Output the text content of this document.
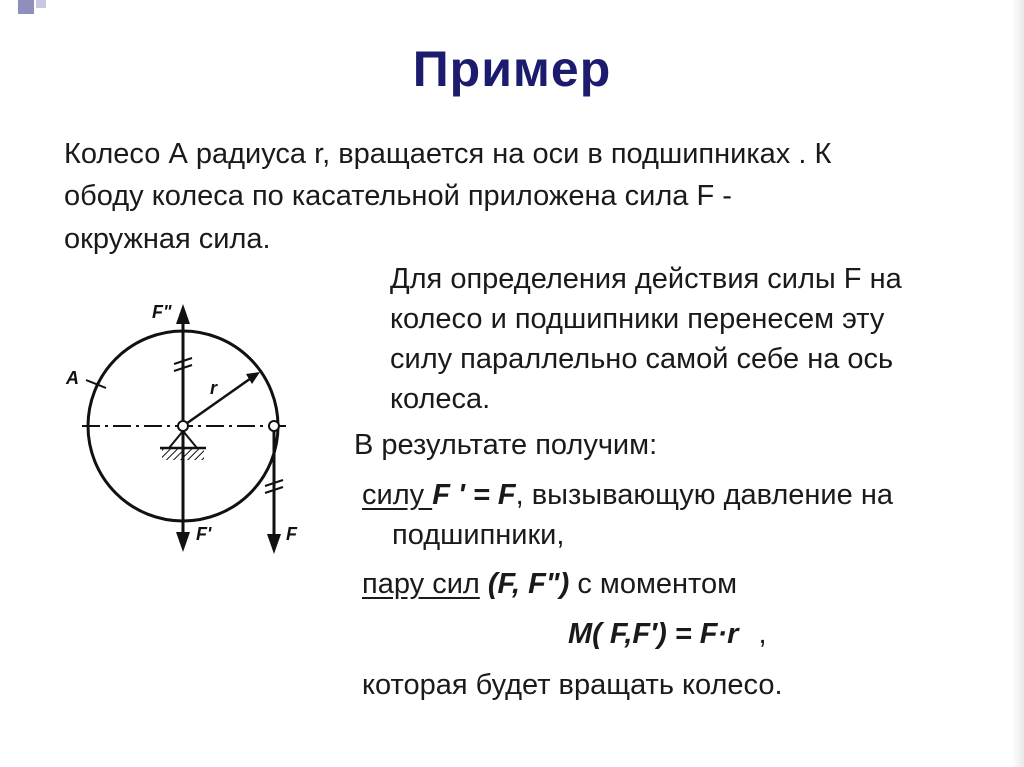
Пример
Колесо А радиуса r, вращается на оси в подшипниках . К
ободу колеса по касательной приложена сила F -
окружная сила.
Для определения действия силы F на
колесо и подшипники перенесем эту
силу параллельно самой себе на ось
колеса.
В результате получим:
силу F ' = F, вызывающую давление на
подшипники,
пару сил (F, F") с моментом
M( F,F′) = F·r ,
которая будет вращать колесо.
F"
A	r
F'	F
